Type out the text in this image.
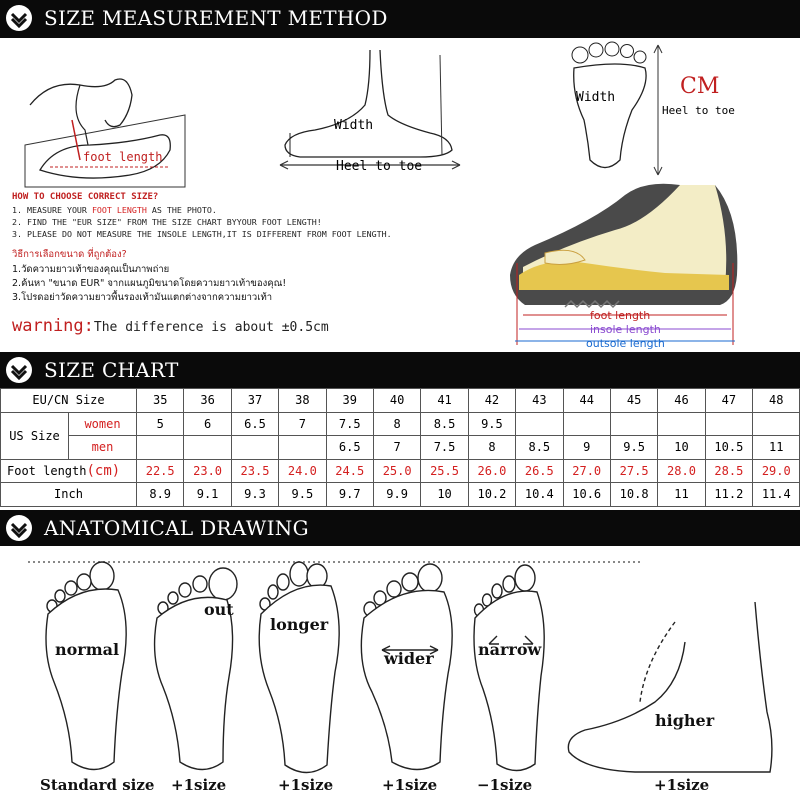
SIZE MEASUREMENT METHOD
foot length
Width
Heel to toe
Width	CM
Heel to toe
HOW TO CHOOSE CORRECT SIZE?
1. MEASURE YOUR FOOT LENGTH AS THE PHOTO.
2. FIND THE "EUR SIZE" FROM THE SIZE CHART BYYOUR FOOT LENGTH!
3. PLEASE DO NOT MEASURE THE INSOLE LENGTH,IT IS DIFFERENT FROM FOOT LENGTH.
วิธีการเลือกขนาด ที่ถูกต้อง?
1.วัดความยาวเท้าของคุณเป็นภาพถ่าย
2.ค้นหา "ขนาด EUR" จากแผนภูมิขนาดโดยความยาวเท้าของคุณ!
3.โปรดอย่าวัดความยาวพื้นรองเท้ามันแตกต่างจากความยาวเท้า
warning:The difference is about ±0.5cm
foot length
insole length
outsole length
SIZE CHART
EU/CN Size		35	36	37	38	39	40	41	42	43	44	45	46	47	48
US Size	women	5	6	6.5	7	7.5	8	8.5	9.5						
	men					6.5	7	7.5	8	8.5	9	9.5	10	10.5	11
Foot length(cm)		22.5	23.0	23.5	24.0	24.5	25.0	25.5	26.0	26.5	27.0	27.5	28.0	28.5	29.0
Inch		8.9	9.1	9.3	9.5	9.7	9.9	10	10.2	10.4	10.6	10.8	11	11.2	11.4
ANATOMICAL DRAWING
normal
out
longer
wider	narrow
higher
Standard size +1size	+1size	+1size	−1size	+1size
